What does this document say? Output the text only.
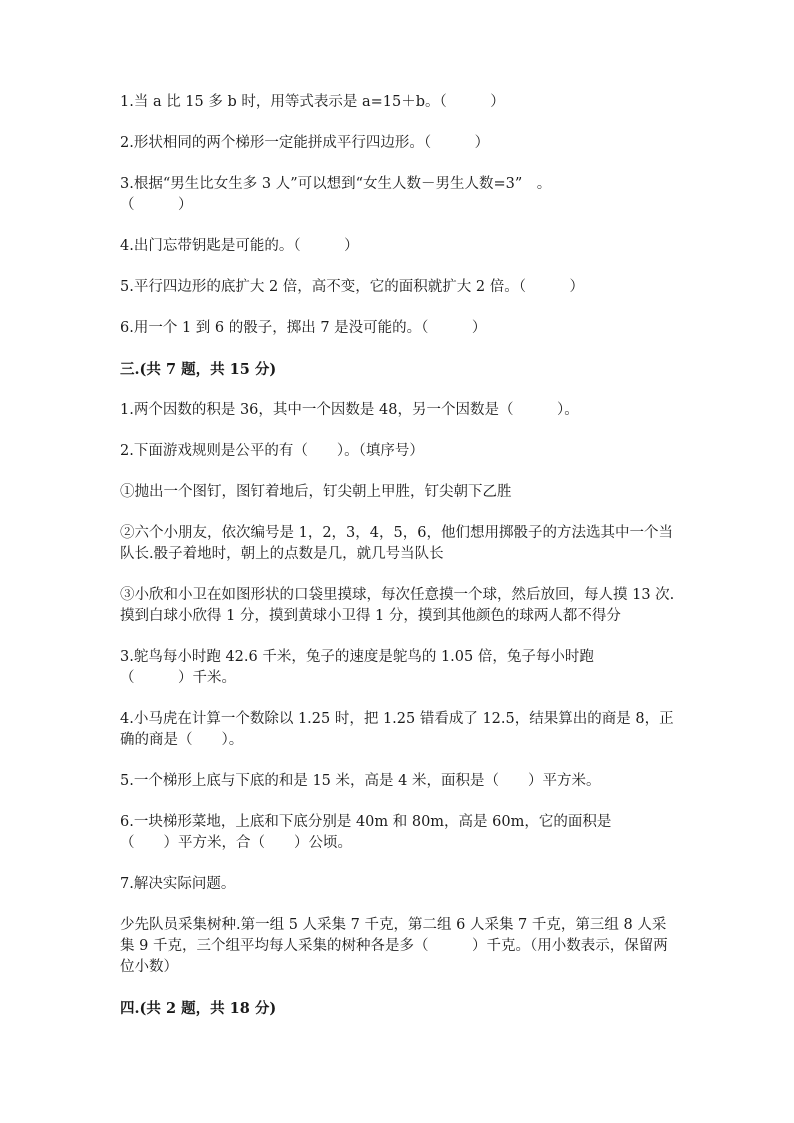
1.当 a 比 15 多 b 时，用等式表示是 a=15＋b。（　　　）
2.形状相同的两个梯形一定能拼成平行四边形。（　　　）
3.根据“男生比女生多 3 人”可以想到“女生人数－男生人数=3”　。
（　　　）
4.出门忘带钥匙是可能的。（　　　）
5.平行四边形的底扩大 2 倍，高不变，它的面积就扩大 2 倍。（　　　）
6.用一个 1 到 6 的骰子，掷出 7 是没可能的。（　　　）
三.(共 7 题，共 15 分)
1.两个因数的积是 36，其中一个因数是 48，另一个因数是（　　　）。
2.下面游戏规则是公平的有（　　）。（填序号）
①抛出一个图钉，图钉着地后，钉尖朝上甲胜，钉尖朝下乙胜
②六个小朋友，依次编号是 1，2，3，4，5，6，他们想用掷骰子的方法选其中一个当队长.骰子着地时，朝上的点数是几，就几号当队长
③小欣和小卫在如图形状的口袋里摸球，每次任意摸一个球，然后放回，每人摸 13 次.摸到白球小欣得 1 分，摸到黄球小卫得 1 分，摸到其他颜色的球两人都不得分
3.鸵鸟每小时跑 42.6 千米，兔子的速度是鸵鸟的 1.05 倍，兔子每小时跑
（　　　）千米。
4.小马虎在计算一个数除以 1.25 时，把 1.25 错看成了 12.5，结果算出的商是 8，正确的商是（　　）。
5.一个梯形上底与下底的和是 15 米，高是 4 米，面积是（　　）平方米。
6.一块梯形菜地，上底和下底分别是 40m 和 80m，高是 60m，它的面积是
（　　）平方米，合（　　）公顷。
7.解决实际问题。
少先队员采集树种.第一组 5 人采集 7 千克，第二组 6 人采集 7 千克，第三组 8 人采集 9 千克，三个组平均每人采集的树种各是多（　　　）千克。（用小数表示，保留两位小数）
四.(共 2 题，共 18 分)
